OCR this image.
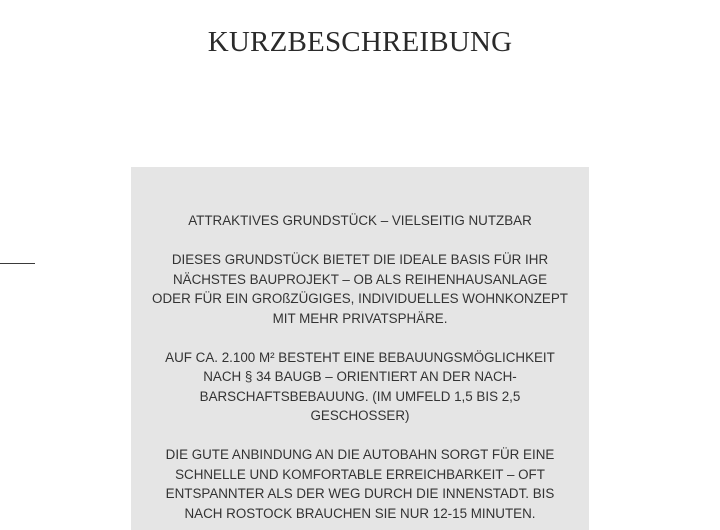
KURZBESCHREIBUNG

ATTRAKTIVES GRUNDSTÜCK – VIELSEITIG NUTZBAR

DIESES GRUNDSTÜCK BIETET DIE IDEALE BASIS FÜR IHR
NÄCHSTES BAUPROJEKT – OB ALS REIHENHAUSANLAGE
ODER FÜR EIN GROßZÜGIGES, INDIVIDUELLES WOHNKONZEPT
MIT MEHR PRIVATSPHÄRE.

AUF CA. 2.100 M² BESTEHT EINE BEBAUUNGSMÖGLICHKEIT
NACH § 34 BAUGB – ORIENTIERT AN DER NACH-
BARSCHAFTSBEBAUUNG. (IM UMFELD 1,5 BIS 2,5
GESCHOSSER)

DIE GUTE ANBINDUNG AN DIE AUTOBAHN SORGT FÜR EINE
SCHNELLE UND KOMFORTABLE ERREICHBARKEIT – OFT
ENTSPANNTER ALS DER WEG DURCH DIE INNENSTADT. BIS
NACH ROSTOCK BRAUCHEN SIE NUR 12-15 MINUTEN.
